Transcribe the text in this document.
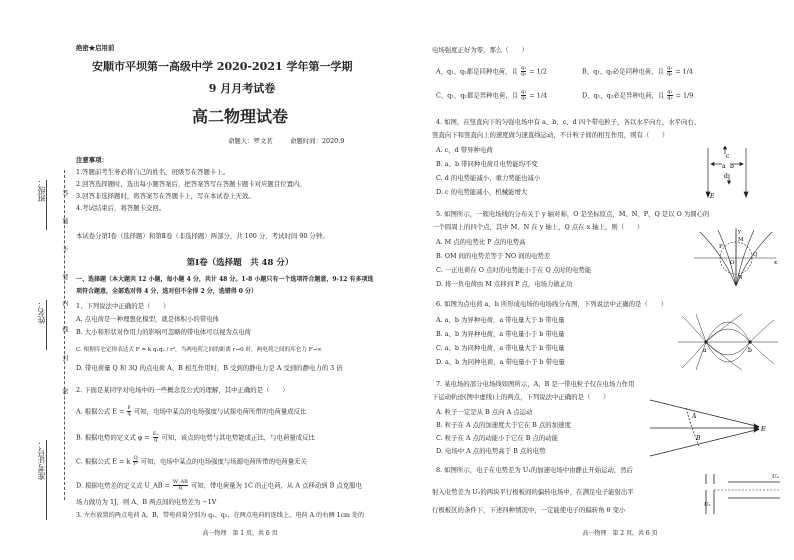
班级：
姓名：
准考证号：
答
题
不
要
内
线
封
密
绝密★启用前
安顺市平坝第一高级中学 2020-2021 学年第一学期
9 月月考试卷
高二物理试卷
命题人：罗文茗	命题时间：2020.9
注意事项：
1.答题前考生务必将自己的姓名、班级写在答题卡上。
2.回答选择题时，选出每小题答案后，把答案答写在答题卡题卡对应题目位置内。
3.回答非选择题时，将答案写在答题卡上，写在本试卷上无效。
4.考试结束后，将答题卡交回。
本试卷分第Ⅰ卷（选择题）和第Ⅱ卷（非选择题）两部分，共 100 分，考试时间 90 分钟。
第Ⅰ卷（选择题　共 48 分）
一、选择题（本大题共 12 小题，每小题 4 分，共计 48 分。1-8 小题只有一个选项符合题意，9-12 有多项选
项符合题意，全部选对得 4 分，选对但不全得 2 分，选错得 0 分）
1、下列说法中正确的是（　　）
A. 点电荷是一种理想化模型，就是体积小的带电体
B. 大小和形状对作用力的影响可忽略的带电体可以视为点电荷
C. 根据库仑定律表达式 F = k q₁q₂ / r²，当两电荷之间的距离 r→0 时，两电荷之间的库仑力 F→∞
D. 带电荷量 Q 和 3Q 的点电荷 A、B 相互作用时，B 受到的静电力是 A 受到的静电力的 3 倍
2. 下面是某同学对电场中的一些概念及公式的理解，其中正确的是（　　）
A. 根据公式 $E = \frac{F}{q}$ 可知，电场中某点的电场强度与试探电荷所带的电荷量成反比
B. 根据电势的定义式 $\varphi = \frac{\text{Eₚ}}{q}$ 可知，该点的电势与其电势能成正比，与电荷量成反比
C. 根据公式 E = k $\frac{Q}{\text{r²}}$ 可知，电场中某点的电场强度与场源电荷所带的电荷量无关
D. 根据电势差的定义式 U_AB = $\frac{W\_AB}{q}$ 可知，带电荷量为 1C 的正电荷，从 A 点移动到 B 点克服电
场力做功为 1J，则 A、B 两点间的电势差为 −1V
3. 左右放置的两点电荷 A，B，带电荷量分别为 q₁、q₂，在两点电荷的连线上，电荷 A 的右侧 1cm 处的
高一物理　第 1 页，共 6 页
电场强度正好为零，那么（　　）
A、q₁、q₂都是同种电荷，且 $\frac{\text{q₁}}{\text{q₂}} = 1/2$	B、q₁、q₂必是同种电荷，且 $\frac{\text{q₁}}{\text{q₂}} = 1/4$
C、q₁、q₂都是异种电荷，且 $\frac{\text{q₁}}{\text{q₂}} = 1/4$	D、q₁、q₂必是异种电荷，且 $\frac{\text{q₁}}{\text{q₂}} = 1/9$
4. 如图，在竖直向下的匀强电场中有 a、b、c、d 四个带电粒子，各以水平向左、水平向右、
竖直向下和竖直向上的速度做匀速直线运动，不计粒子间的相互作用，则有（　　）
A. c、d 带异种电荷
B. a、b 带同种电荷且电势能均不变
C. d 的电势能减小，重力势能也减小
D. c 的电势能减小，机械能增大
a b
c
d
E
5. 如图所示，一簇电场线的分布关于 y 轴对称，O 是坐标原点，M、N、P、Q 是以 O 为圆心的
一个圆周上的四个点，其中 M、N 在 y 轴上，Q 点在 x 轴上，则（　　）
A. M 点的电势比 P 点的电势高
B. OM 间的电势差等于 NO 间的电势差
C. 一正电荷在 O 点时的电势能小于在 Q 点时的电势能
D. 将一负电荷由 M 点移到 P 点，电场力做正功
y
x
M
N
P
Q
O
6. 如图为点电荷 a、b 所形成电场的电场线分布图，下列说法中正确的是（　　）
A. a、b 为异种电荷，a 带电量大于 b 带电量
B. a、b 为异种电荷，a 带电量小于 b 带电量
C. a、b 为同种电荷，a 带电量大于 b 带电量
D. a、b 为同种电荷，a 带电量小于 b 带电量
a	b
7. 某电场的部分电场线如图所示，A、B 是一带电粒子仅在电场力作用
下运动轨迹(图中虚线)上的两点，下列说法中正确的是（　　）
A. 粒子一定是从 B 点向 A 点运动
B. 粒子在 A 点的加速度大于它在 B 点的加速度
C. 粒子在 A 点的动能小于它在 B 点的动能
D. 电场中 A 点的电势高于 B 点的电势
A
B
E
8. 如图所示，电子在电势差为 U₁的加速电场中由静止开始运动，然后
射入电势差为 U₂的两块平行极板间的偏转电场中，在满足电子能射出平
行极板区的条件下，下述四种情况中，一定能使电子的偏转角 θ 变小
U₁
U₂
高一物理　第 2 页，共 6 页
